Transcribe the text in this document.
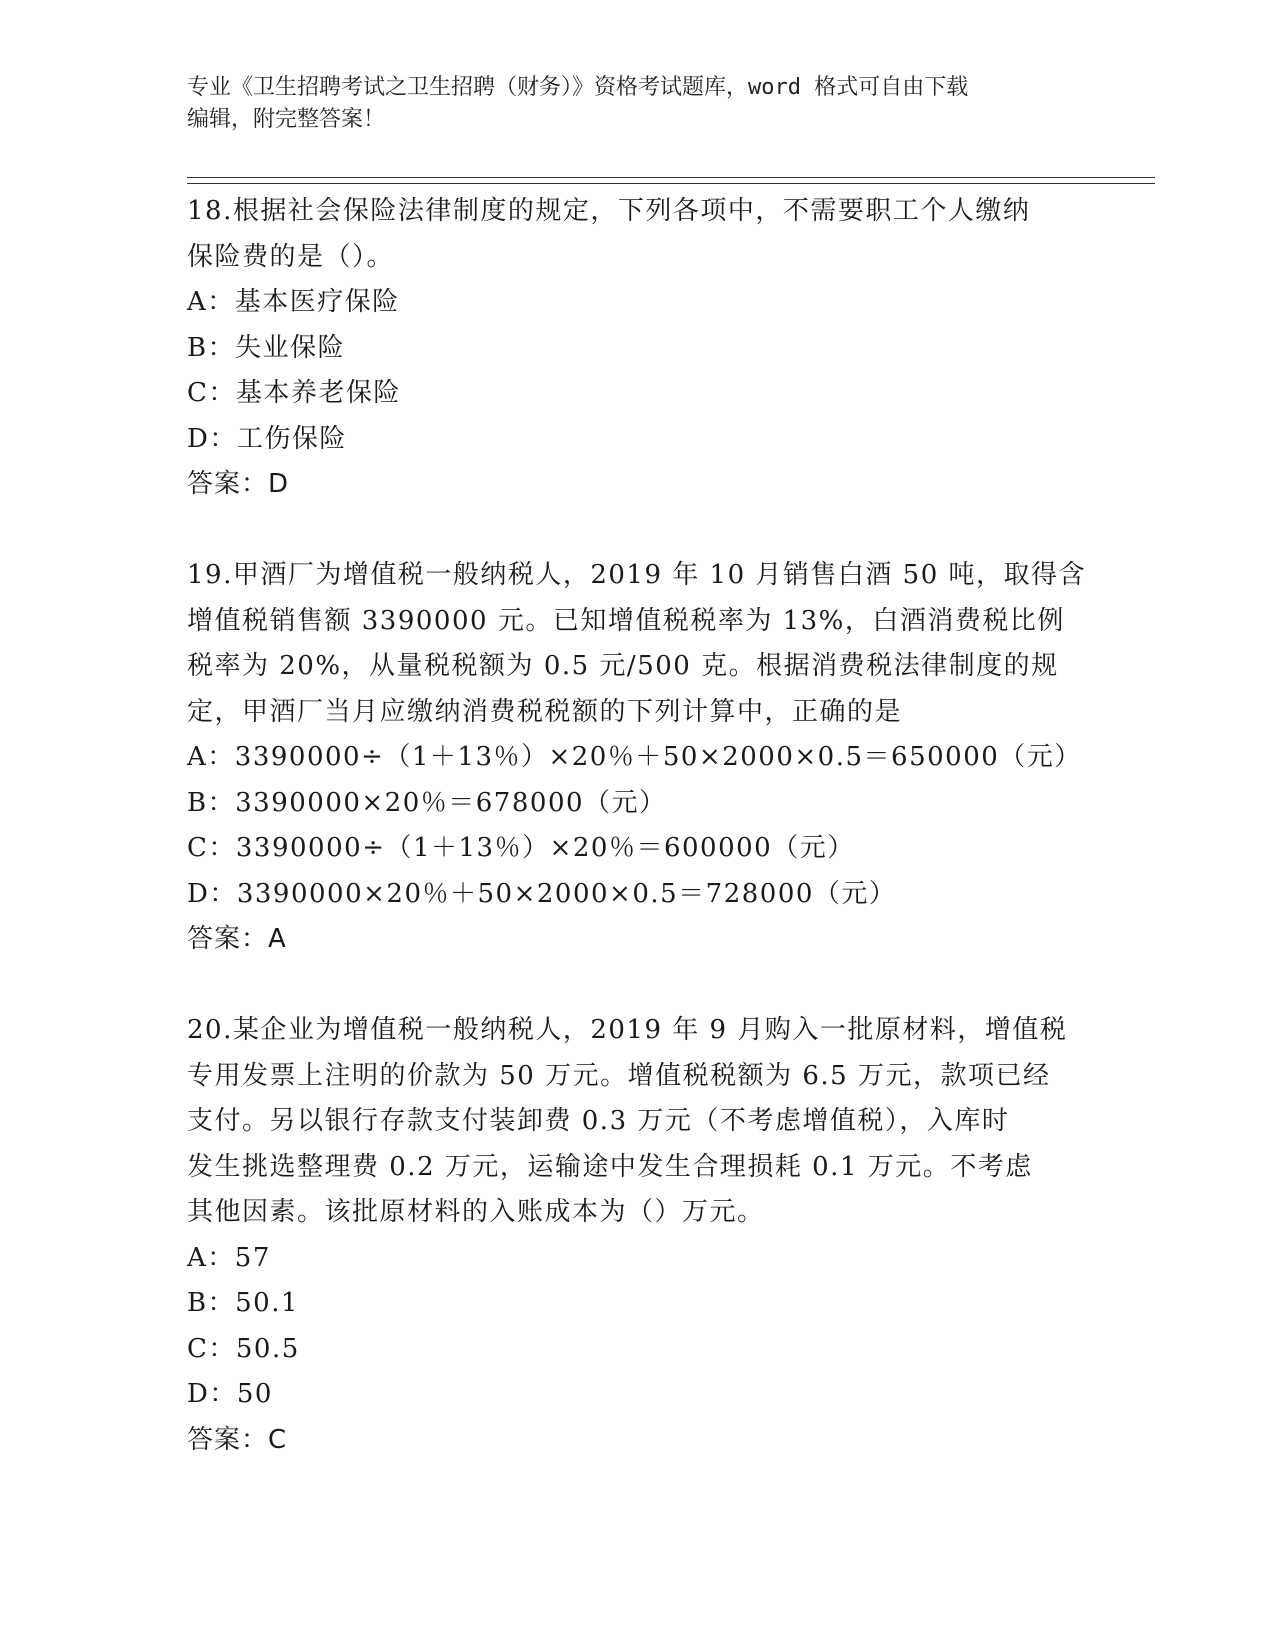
专业《卫生招聘考试之卫生招聘（财务）》资格考试题库，word 格式可自由下载
编辑，附完整答案！

18.根据社会保险法律制度的规定，下列各项中，不需要职工个人缴纳

保险费的是（）。

A：基本医疗保险

B：失业保险

C：基本养老保险

D：工伤保险

答案：D

19.甲酒厂为增值税一般纳税人，2019 年 10 月销售白酒 50 吨，取得含

增值税销售额 3390000 元。已知增值税税率为 13%，白酒消费税比例

税率为 20%，从量税税额为 0.5 元/500 克。根据消费税法律制度的规

定，甲酒厂当月应缴纳消费税税额的下列计算中，正确的是

A：3390000÷（1＋13％）×20％＋50×2000×0.5＝650000（元）

B：3390000×20％＝678000（元）

C：3390000÷（1＋13％）×20％＝600000（元）

D：3390000×20％＋50×2000×0.5＝728000（元）

答案：A

20.某企业为增值税一般纳税人，2019 年 9 月购入一批原材料，增值税

专用发票上注明的价款为 50 万元。增值税税额为 6.5 万元，款项已经

支付。另以银行存款支付装卸费 0.3 万元（不考虑增值税），入库时

发生挑选整理费 0.2 万元，运输途中发生合理损耗 0.1 万元。不考虑

其他因素。该批原材料的入账成本为（）万元。

A：57

B：50.1

C：50.5

D：50

答案：C
